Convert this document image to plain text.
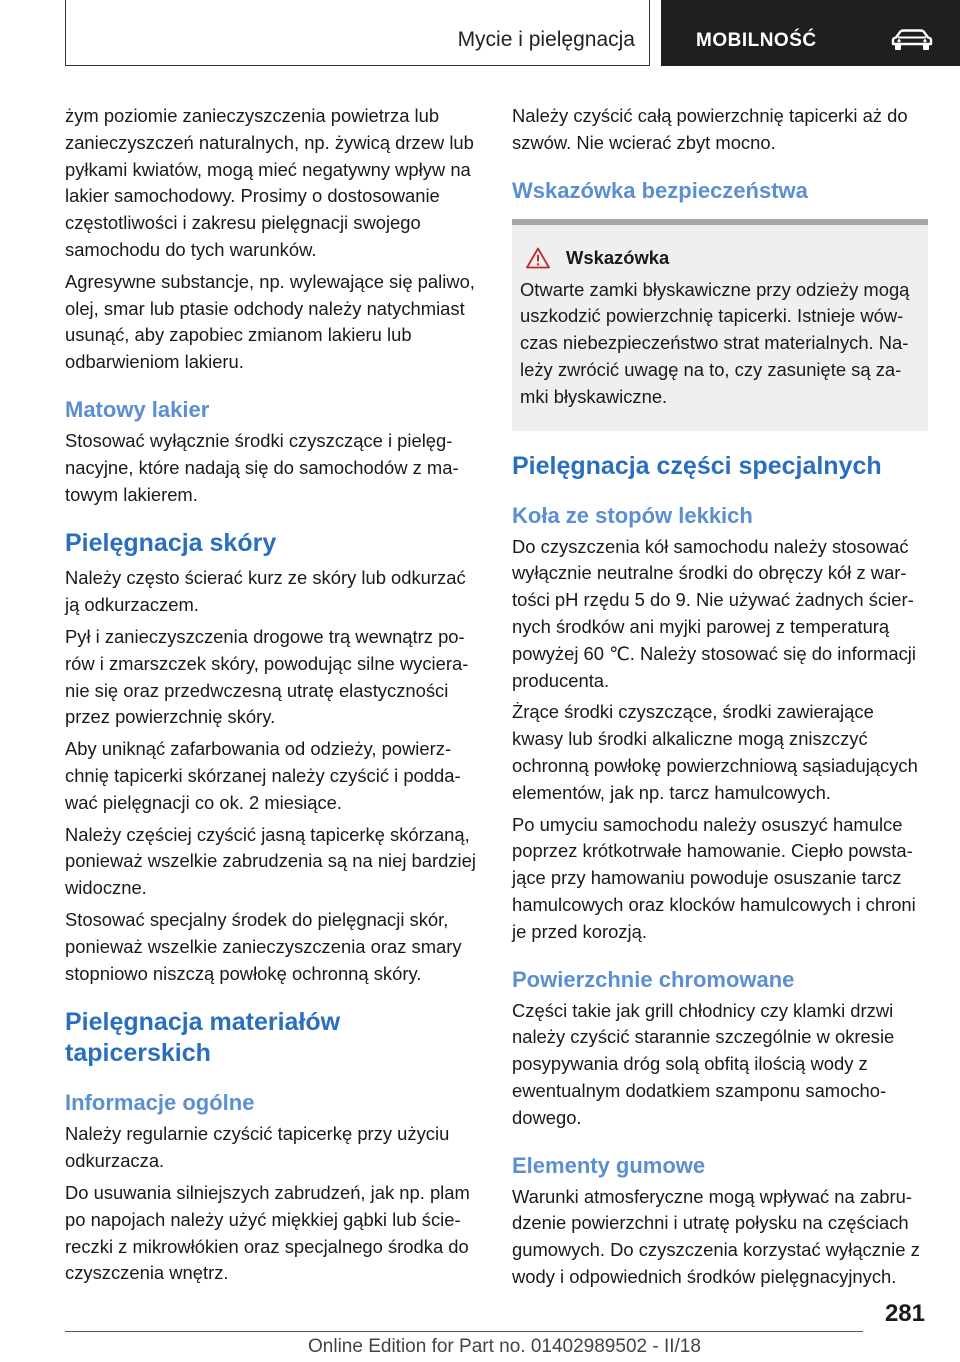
Mycie i pielęgnacja	MOBILNOŚĆ

żym poziomie zanieczyszczenia powietrza lub zanieczyszczeń naturalnych, np. żywicą drzew lub pyłkami kwiatów, mogą mieć negatywny wpływ na lakier samochodowy. Prosimy o dostosowanie częstotliwości i zakresu pielęgnacji swojego samochodu do tych warunków.

Agresywne substancje, np. wylewające się paliwo, olej, smar lub ptasie odchody należy natychmiast usunąć, aby zapobiec zmianom lakieru lub odbarwieniom lakieru.

Matowy lakier

Stosować wyłącznie środki czyszczące i pielęgnacyjne, które nadają się do samochodów z matowym lakierem.

Pielęgnacja skóry

Należy często ścierać kurz ze skóry lub odkurzać ją odkurzaczem.

Pył i zanieczyszczenia drogowe trą wewnątrz porów i zmarszczek skóry, powodując silne wycieranie się oraz przedwczesną utratę elastyczności przez powierzchnię skóry.

Aby uniknąć zafarbowania od odzieży, powierzchnię tapicerki skórzanej należy czyścić i poddawać pielęgnacji co ok. 2 miesiące.

Należy częściej czyścić jasną tapicerkę skórzaną, ponieważ wszelkie zabrudzenia są na niej bardziej widoczne.

Stosować specjalny środek do pielęgnacji skór, ponieważ wszelkie zanieczyszczenia oraz smary stopniowo niszczą powłokę ochronną skóry.

Pielęgnacja materiałów tapicerskich
Informacje ogólne

Należy regularnie czyścić tapicerkę przy użyciu odkurzacza.

Do usuwania silniejszych zabrudzeń, jak np. plam po napojach należy użyć miękkiej gąbki lub ściereczki z mikrowłókien oraz specjalnego środka do czyszczenia wnętrz.

Należy czyścić całą powierzchnię tapicerki aż do szwów. Nie wcierać zbyt mocno.

Wskazówka bezpieczeństwa
Wskazówka

Otwarte zamki błyskawiczne przy odzieży mogą uszkodzić powierzchnię tapicerki. Istnieje wówczas niebezpieczeństwo strat materialnych. Należy zwrócić uwagę na to, czy zasunięte są zamki błyskawiczne.

Pielęgnacja części specjalnych
Koła ze stopów lekkich

Do czyszczenia kół samochodu należy stosować wyłącznie neutralne środki do obręczy kół z wartości pH rzędu 5 do 9. Nie używać żadnych ściernych środków ani myjki parowej z temperaturą powyżej 60 ℃. Należy stosować się do informacji producenta.

Żrące środki czyszczące, środki zawierające kwasy lub środki alkaliczne mogą zniszczyć ochronną powłokę powierzchniową sąsiadujących elementów, jak np. tarcz hamulcowych.

Po umyciu samochodu należy osuszyć hamulce poprzez krótkotrwałe hamowanie. Ciepło powstające przy hamowaniu powoduje osuszanie tarcz hamulcowych oraz klocków hamulcowych i chroni je przed korozją.

Powierzchnie chromowane

Części takie jak grill chłodnicy czy klamki drzwi należy czyścić starannie szczególnie w okresie posypywania dróg solą obfitą ilością wody z ewentualnym dodatkiem szamponu samochodowego.

Elementy gumowe

Warunki atmosferyczne mogą wpływać na zabrudzenie powierzchni i utratę połysku na częściach gumowych. Do czyszczenia korzystać wyłącznie z wody i odpowiednich środków pielęgnacyjnych.

281
Online Edition for Part no. 01402989502 - II/18
